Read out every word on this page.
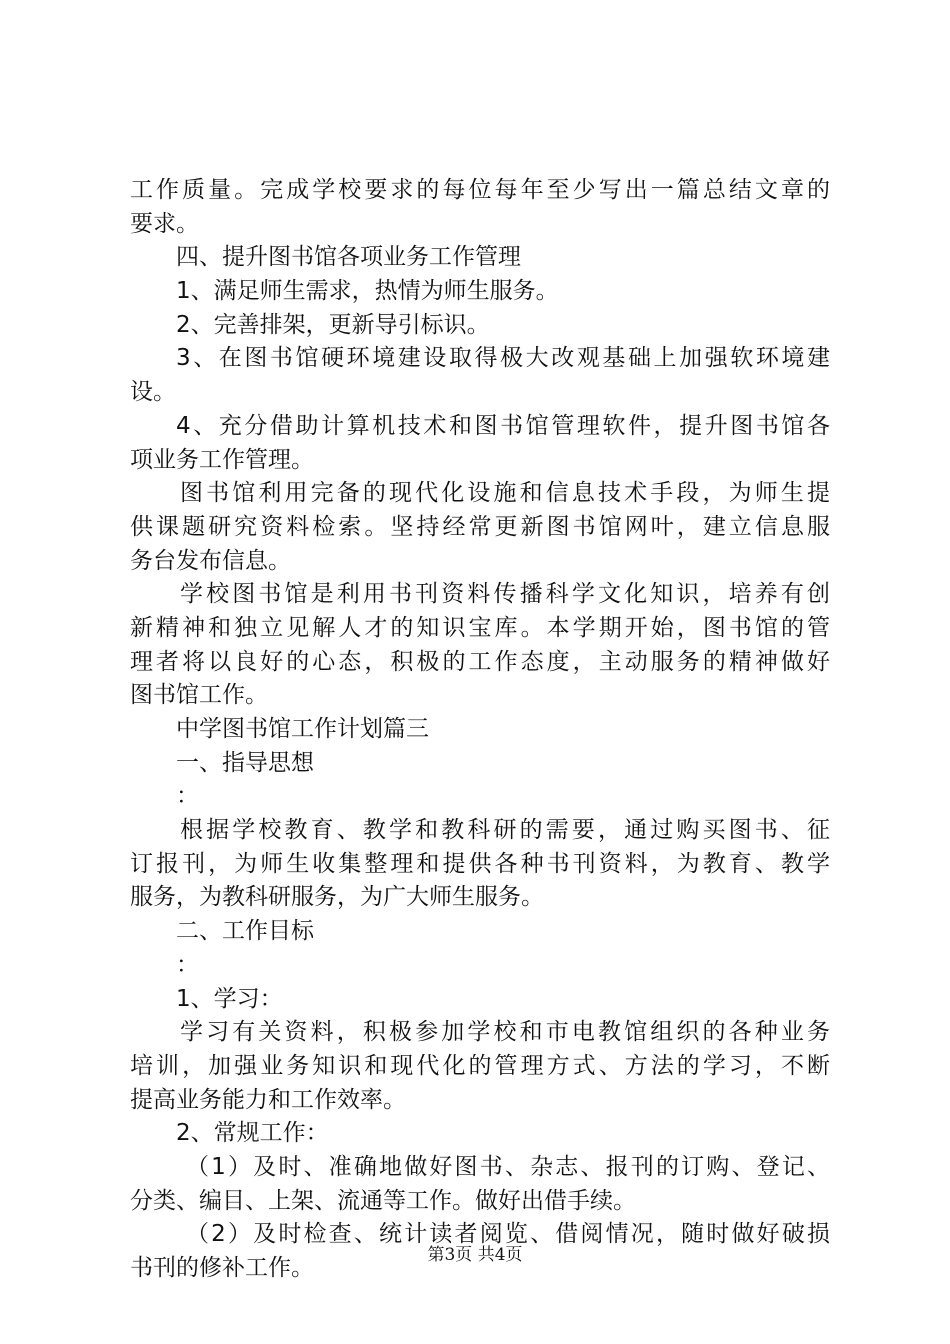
工作质量。完成学校要求的每位每年至少写出一篇总结文章的
要求。
四、提升图书馆各项业务工作管理
1、满足师生需求，热情为师生服务。
2、完善排架，更新导引标识。
3、在图书馆硬环境建设取得极大改观基础上加强软环境建
设。
4、充分借助计算机技术和图书馆管理软件，提升图书馆各
项业务工作管理。
图书馆利用完备的现代化设施和信息技术手段，为师生提
供课题研究资料检索。坚持经常更新图书馆网叶，建立信息服
务台发布信息。
学校图书馆是利用书刊资料传播科学文化知识，培养有创
新精神和独立见解人才的知识宝库。本学期开始，图书馆的管
理者将以良好的心态，积极的工作态度，主动服务的精神做好
图书馆工作。
中学图书馆工作计划篇三
一、指导思想
：
根据学校教育、教学和教科研的需要，通过购买图书、征
订报刊，为师生收集整理和提供各种书刊资料，为教育、教学
服务，为教科研服务，为广大师生服务。
二、工作目标
：
1、学习：
学习有关资料，积极参加学校和市电教馆组织的各种业务
培训，加强业务知识和现代化的管理方式、方法的学习，不断
提高业务能力和工作效率。
2、常规工作：
（1）及时、准确地做好图书、杂志、报刊的订购、登记、
分类、编目、上架、流通等工作。做好出借手续。
（2）及时检查、统计读者阅览、借阅情况，随时做好破损
书刊的修补工作。	第3页 共4页
